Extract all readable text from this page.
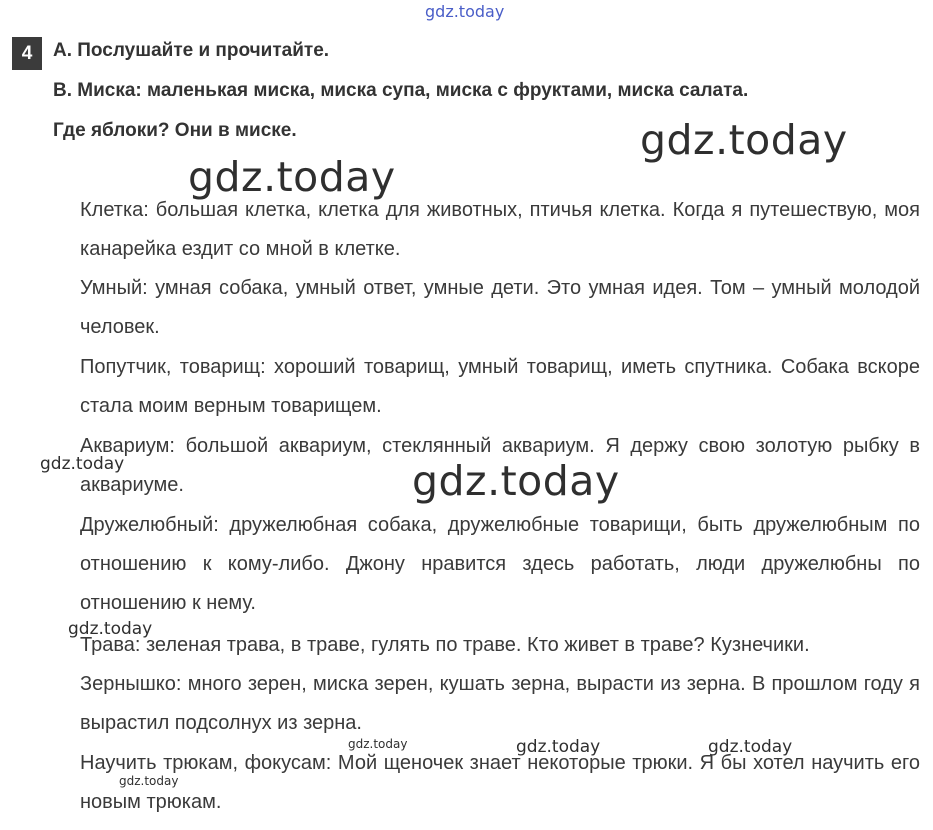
4	А. Послушайте и прочитайте.
В. Миска: маленькая миска, миска супа, миска с фруктами, миска салата.
Где яблоки? Они в миске.

Клетка: большая клетка, клетка для животных, птичья клетка. Когда я путешествую, моя канарейка ездит со мной в клетке.

Умный: умная собака, умный ответ, умные дети. Это умная идея. Том – умный молодой человек.

Попутчик, товарищ: хороший товарищ, умный товарищ, иметь спутника. Собака вскоре стала моим верным товарищем.

Аквариум: большой аквариум, стеклянный аквариум. Я держу свою золотую рыбку в аквариуме.

Дружелюбный: дружелюбная собака, дружелюбные товарищи, быть дружелюбным по отношению к кому-либо. Джону нравится здесь работать, люди дружелюбны по отношению к нему.

Трава: зеленая трава, в траве, гулять по траве. Кто живет в траве? Кузнечики.

Зернышко: много зерен, миска зерен, кушать зерна, вырасти из зерна. В прошлом году я вырастил подсолнух из зерна.

Научить трюкам, фокусам: Мой щеночек знает некоторые трюки. Я бы хотел научить его новым трюкам.

gdz.today
gdz.today
gdz.today
gdz.today
gdz.today
gdz.today
gdz.today	gdz.today
gdz.today
gdz.today
